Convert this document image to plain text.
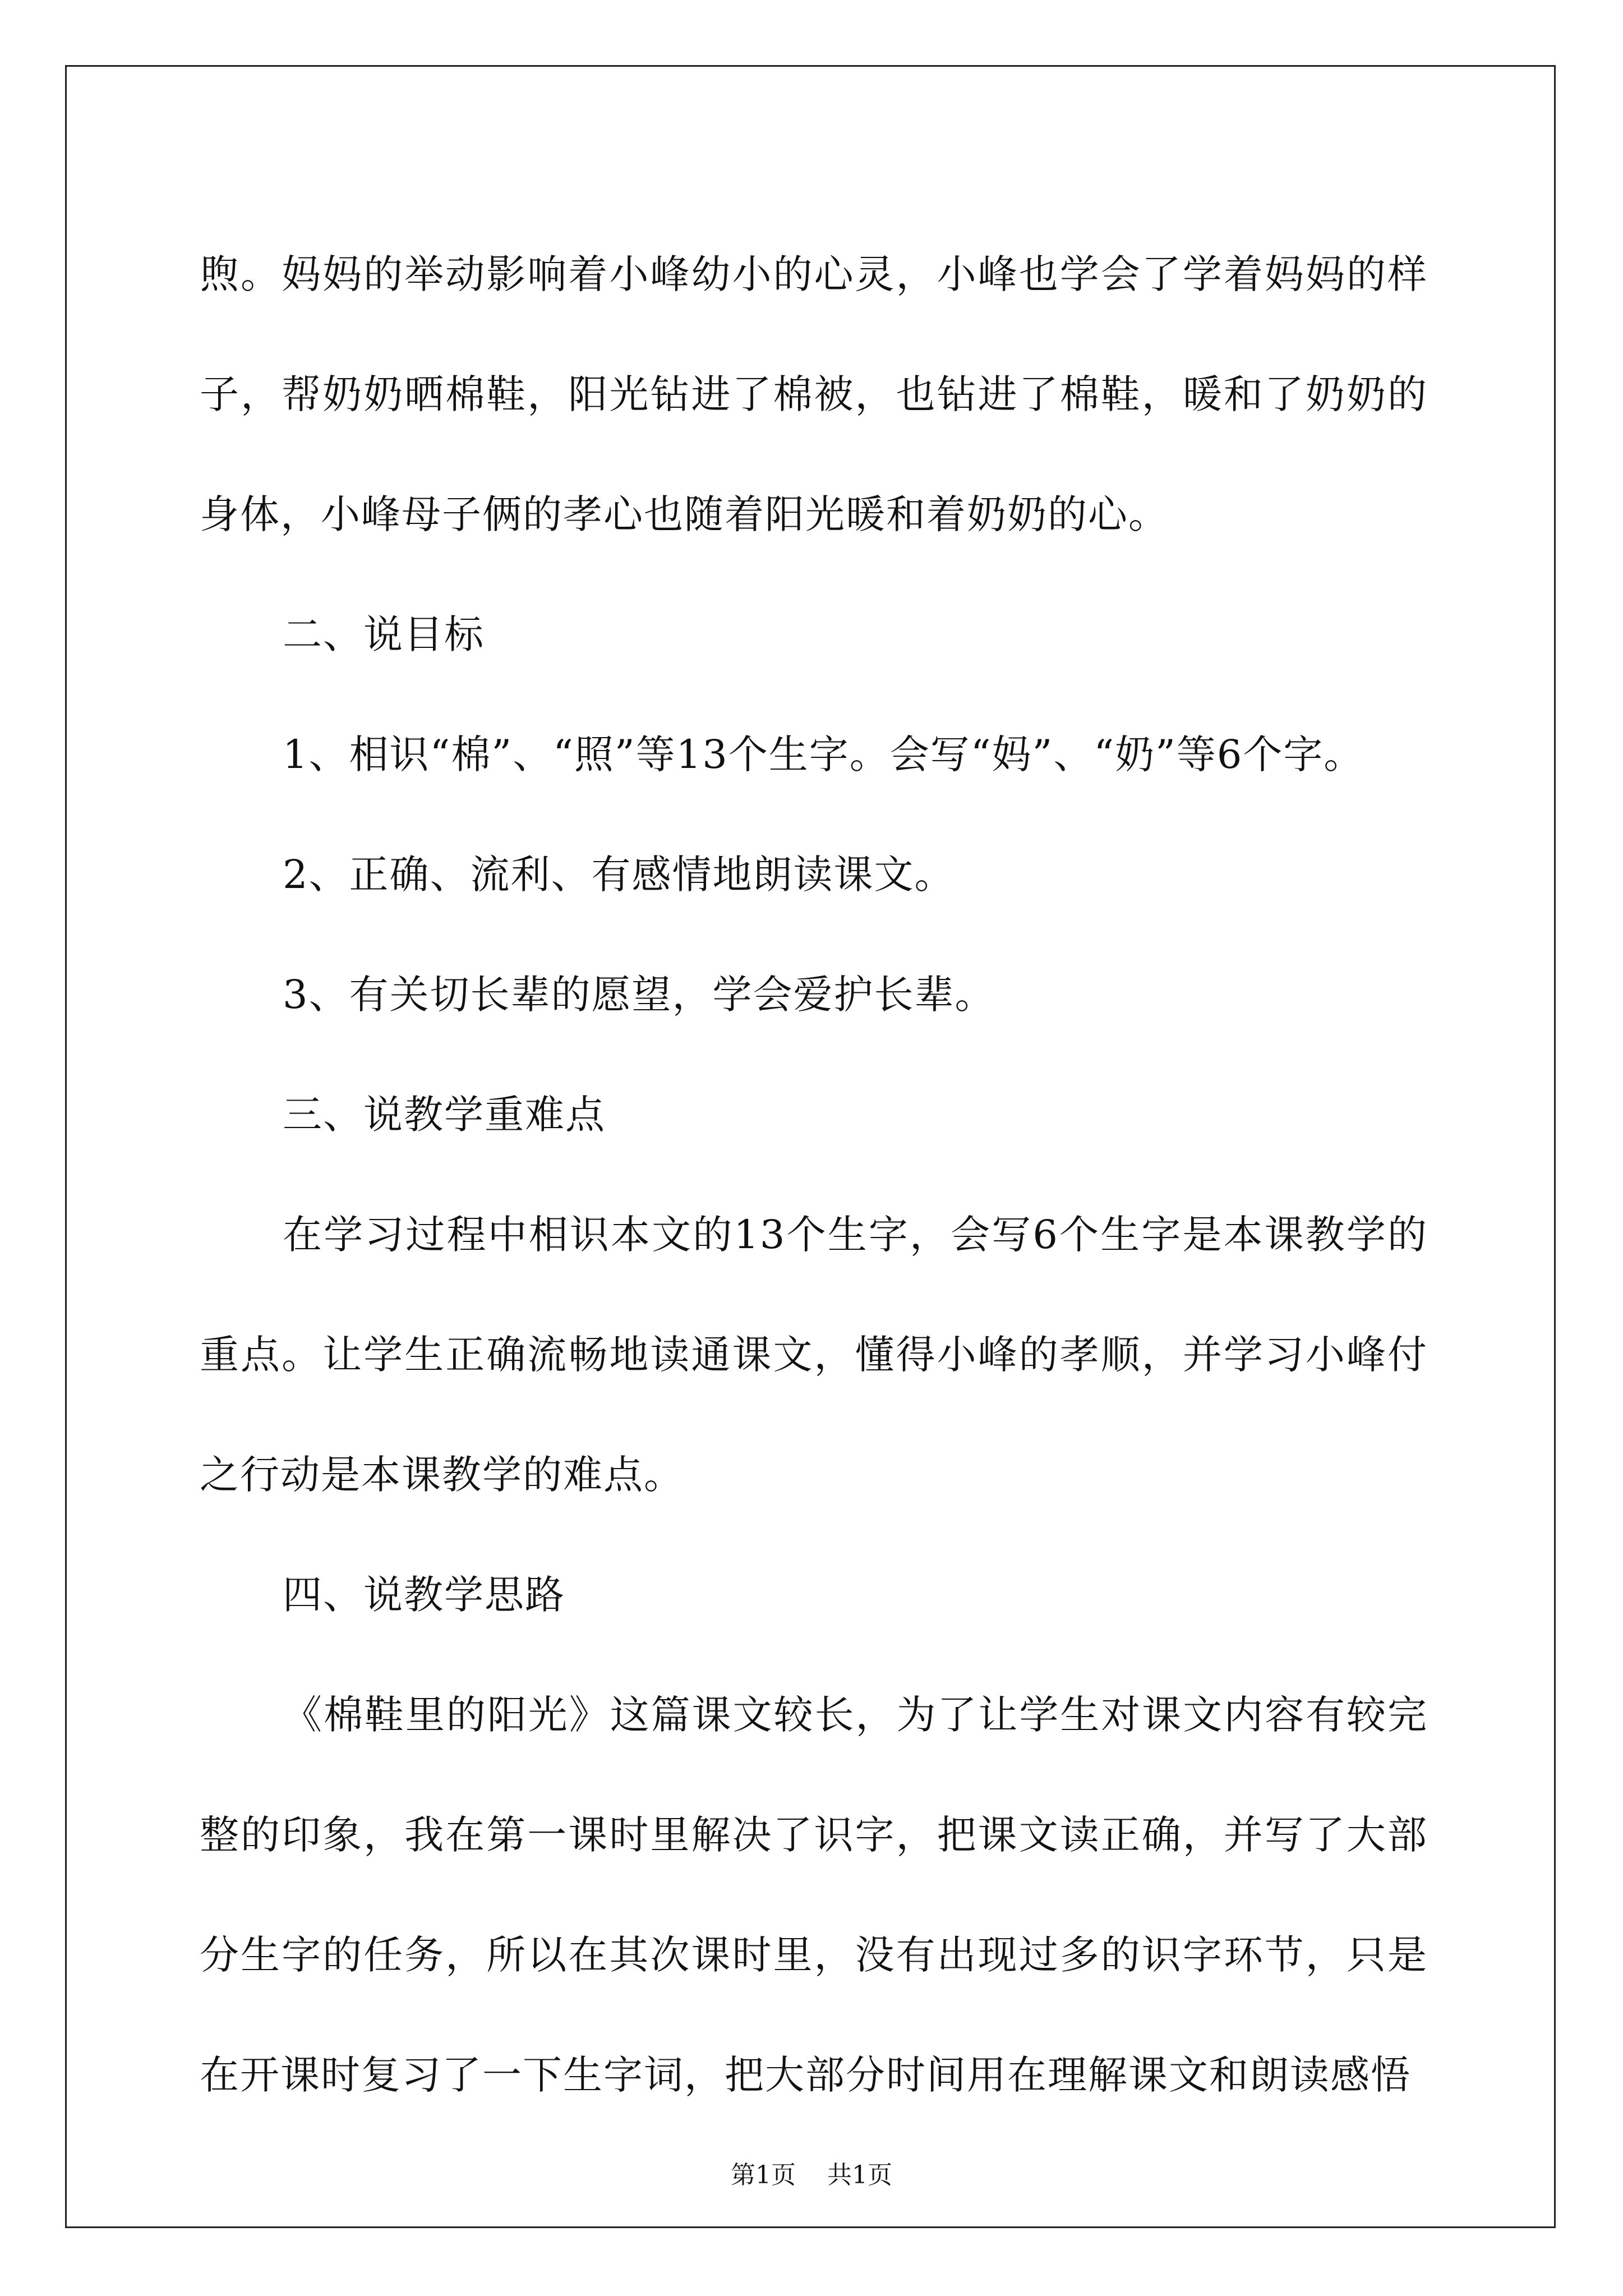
煦。妈妈的举动影响着小峰幼小的心灵，小峰也学会了学着妈妈的样子，帮奶奶晒棉鞋，阳光钻进了棉被，也钻进了棉鞋，暖和了奶奶的身体，小峰母子俩的孝心也随着阳光暖和着奶奶的心。

二、说目标

1、相识“棉”、“照”等13个生字。会写“妈”、“奶”等6个字。

2、正确、流利、有感情地朗读课文。

3、有关切长辈的愿望，学会爱护长辈。

三、说教学重难点

在学习过程中相识本文的13个生字，会写6个生字是本课教学的重点。让学生正确流畅地读通课文，懂得小峰的孝顺，并学习小峰付之行动是本课教学的难点。

四、说教学思路

《棉鞋里的阳光》这篇课文较长，为了让学生对课文内容有较完整的印象，我在第一课时里解决了识字，把课文读正确，并写了大部分生字的任务，所以在其次课时里，没有出现过多的识字环节，只是在开课时复习了一下生字词，把大部分时间用在理解课文和朗读感悟

第1页 共1页
